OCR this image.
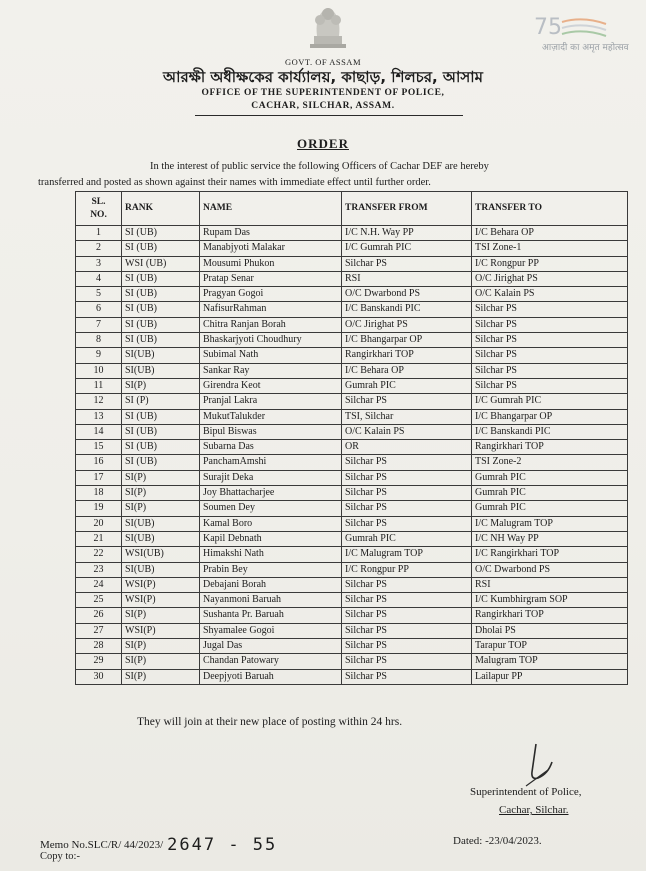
75
आज़ादी का अमृत महोत्सव
GOVT. OF ASSAM
আরক্ষী অধীক্ষকের কার্য্যালয়, কাছাড়, শিলচর, আসাম
OFFICE OF THE SUPERINTENDENT OF POLICE,
CACHAR, SILCHAR, ASSAM.
ORDER
In the interest of public service the following Officers of Cachar DEF are hereby
transferred and posted as shown against their names with immediate effect until further order.
SL.
NO.	RANK	NAME	TRANSFER FROM	TRANSFER TO
1	SI (UB)	Rupam Das	I/C N.H. Way PP	I/C Behara OP
2	SI (UB)	Manabjyoti Malakar	I/C Gumrah PIC	TSI Zone-1
3	WSI (UB)	Mousumi Phukon	Silchar PS	I/C Rongpur PP
4	SI (UB)	Pratap Senar	RSI	O/C Jirighat PS
5	SI (UB)	Pragyan Gogoi	O/C Dwarbond PS	O/C Kalain PS
6	SI (UB)	NafisurRahman	I/C Banskandi PIC	Silchar PS
7	SI (UB)	Chitra Ranjan Borah	O/C Jirighat PS	Silchar PS
8	SI (UB)	Bhaskarjyoti Choudhury	I/C Bhangarpar OP	Silchar PS
9	SI(UB)	Subimal Nath	Rangirkhari TOP	Silchar PS
10	SI(UB)	Sankar Ray	I/C Behara OP	Silchar PS
11	SI(P)	Girendra Keot	Gumrah PIC	Silchar PS
12	SI (P)	Pranjal Lakra	Silchar PS	I/C Gumrah PIC
13	SI (UB)	MukutTalukder	TSI, Silchar	I/C Bhangarpar OP
14	SI (UB)	Bipul Biswas	O/C Kalain PS	I/C Banskandi PIC
15	SI (UB)	Subarna Das	OR	Rangirkhari TOP
16	SI (UB)	PanchamAmshi	Silchar PS	TSI Zone-2
17	SI(P)	Surajit Deka	Silchar PS	Gumrah PIC
18	SI(P)	Joy Bhattacharjee	Silchar PS	Gumrah PIC
19	SI(P)	Soumen Dey	Silchar PS	Gumrah PIC
20	SI(UB)	Kamal Boro	Silchar PS	I/C Malugram TOP
21	SI(UB)	Kapil Debnath	Gumrah PIC	I/C NH Way PP
22	WSI(UB)	Himakshi Nath	I/C Malugram TOP	I/C Rangirkhari TOP
23	SI(UB)	Prabin Bey	I/C Rongpur PP	O/C Dwarbond PS
24	WSI(P)	Debajani Borah	Silchar PS	RSI
25	WSI(P)	Nayanmoni Baruah	Silchar PS	I/C Kumbhirgram SOP
26	SI(P)	Sushanta Pr. Baruah	Silchar PS	Rangirkhari TOP
27	WSI(P)	Shyamalee Gogoi	Silchar PS	Dholai PS
28	SI(P)	Jugal Das	Silchar PS	Tarapur TOP
29	SI(P)	Chandan Patowary	Silchar PS	Malugram TOP
30	SI(P)	Deepjyoti Baruah	Silchar PS	Lailapur PP
They will join at their new place of posting within 24 hrs.
Superintendent of Police,
Cachar, Silchar.
Memo No.SLC/R/ 44/2023/ 2647 - 55	Dated: -23/04/2023.
Copy to:-
